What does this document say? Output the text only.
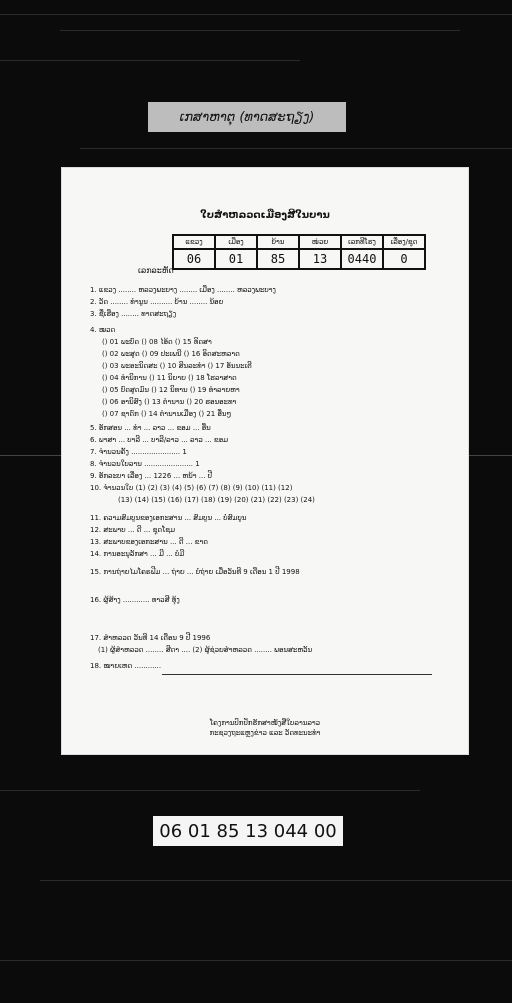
ເກສາຫາຕຸ (ທາດສະຖຽງ)
ໃບສຳຫລວດເມືອງສີໃນບານ
ເລກລະຫັດ
ແຂວງ	ເມືອງ	ບ້ານ	ໜ່ວຍ	ເລກທີໂຮງ	ເລື່ອງ/ຊຸດ
06	01	85	13	0440	0
1. ແຂວງ ........ ຫລວງພະບາງ ........ ເມືອງ ........ ຫລວງພະບາງ
2. ວັດ ........ ທຳນູນ .......... ບ້ານ ........ ນ້ອຍ
3. ຊື່ເຮືອງ ........ ທາດສະຖຽງ
4. ໝວດ
() 01 ພະບົດ () 08 ໄອ້ດ () 15 ທິດສາ
() 02 ພະສູດ () 09 ປະເພນີ () 16 ອິດສະຫລາດ
() 03 ພະອະນິດສະ () 10 ສິນລະທຳ () 17 ອັນນະເຕີ
() 04 ທຳນິການ () 11 ນິຍາຍ () 18 ໂຮລາສາດ
() 05 ບົດສູດມົນ () 12 ນິທານ () 19 ທຳລາຍຫາ
() 06 ອານິສົງ () 13 ຕຳນານ () 20 ຮອນອະທາ
() 07 ຊາດົກ () 14 ຕຳນານເມືອງ () 21 ອື່ນໆ
5. ອັກສອນ ... ທຳ ... ລາວ ... ຂອມ ... ອື່ນ
6. ພາສາ ... ບາລີ ... ບາລີ/ລາວ ... ລາວ ... ຂອມ
7. ຈຳນວນຄັ້ງ ...................... 1
8. ຈຳນວນໃບລານ ...................... 1
9. ອັກລະບາ ເລື່ອງ ... 1226 ... ຫນ້າ ... ປີ
10. ຈຳນວນໃບ (1) (2) (3) (4) (5) (6) (7) (8) (9) (10) (11) (12)
(13) (14) (15) (16) (17) (18) (19) (20) (21) (22) (23) (24)
11. ຄວາມສົມບູນຂອງເອກະສານ ... ສົມບູນ ... ບໍ່ສົມບູນ
12. ສະພາບ ... ດີ ... ຊຸດໂຊມ
13. ສະພາບຂອງເອກະສານ ... ດີ ... ຂາດ
14. ການອະນຸລັກສາ ... ມີ ... ບໍ່ມີ
15. ການຖ່າຍໄມໂຄຣຟີມ ... ຖ່າຍ ... ບໍ່ຖ່າຍ ເມື່ອວັນທີ 9 ເດືອນ 1 ປີ 1998
16. ຜູ້ສ້າງ ............ ທາວສີ ທຸ້ງ
17. ສຳຫລວດ ວັນທີ 14 ເດືອນ 9 ປີ 1996
(1) ຜູ້ສຳຫລວດ ........ ສີດາ .... (2) ຜູ້ຊ່ວຍສຳຫລວດ ........ ພອນສະຫວັນ
18. ໝາຍເຫດ ............
ໂຄງການປົກປັກຮັກສາໜັງສືໃບລານລາວ
ກະຊວງຖະແຫຼງຂ່າວ ແລະ ວັດທະນະທຳ
06 01 85 13 044 00
